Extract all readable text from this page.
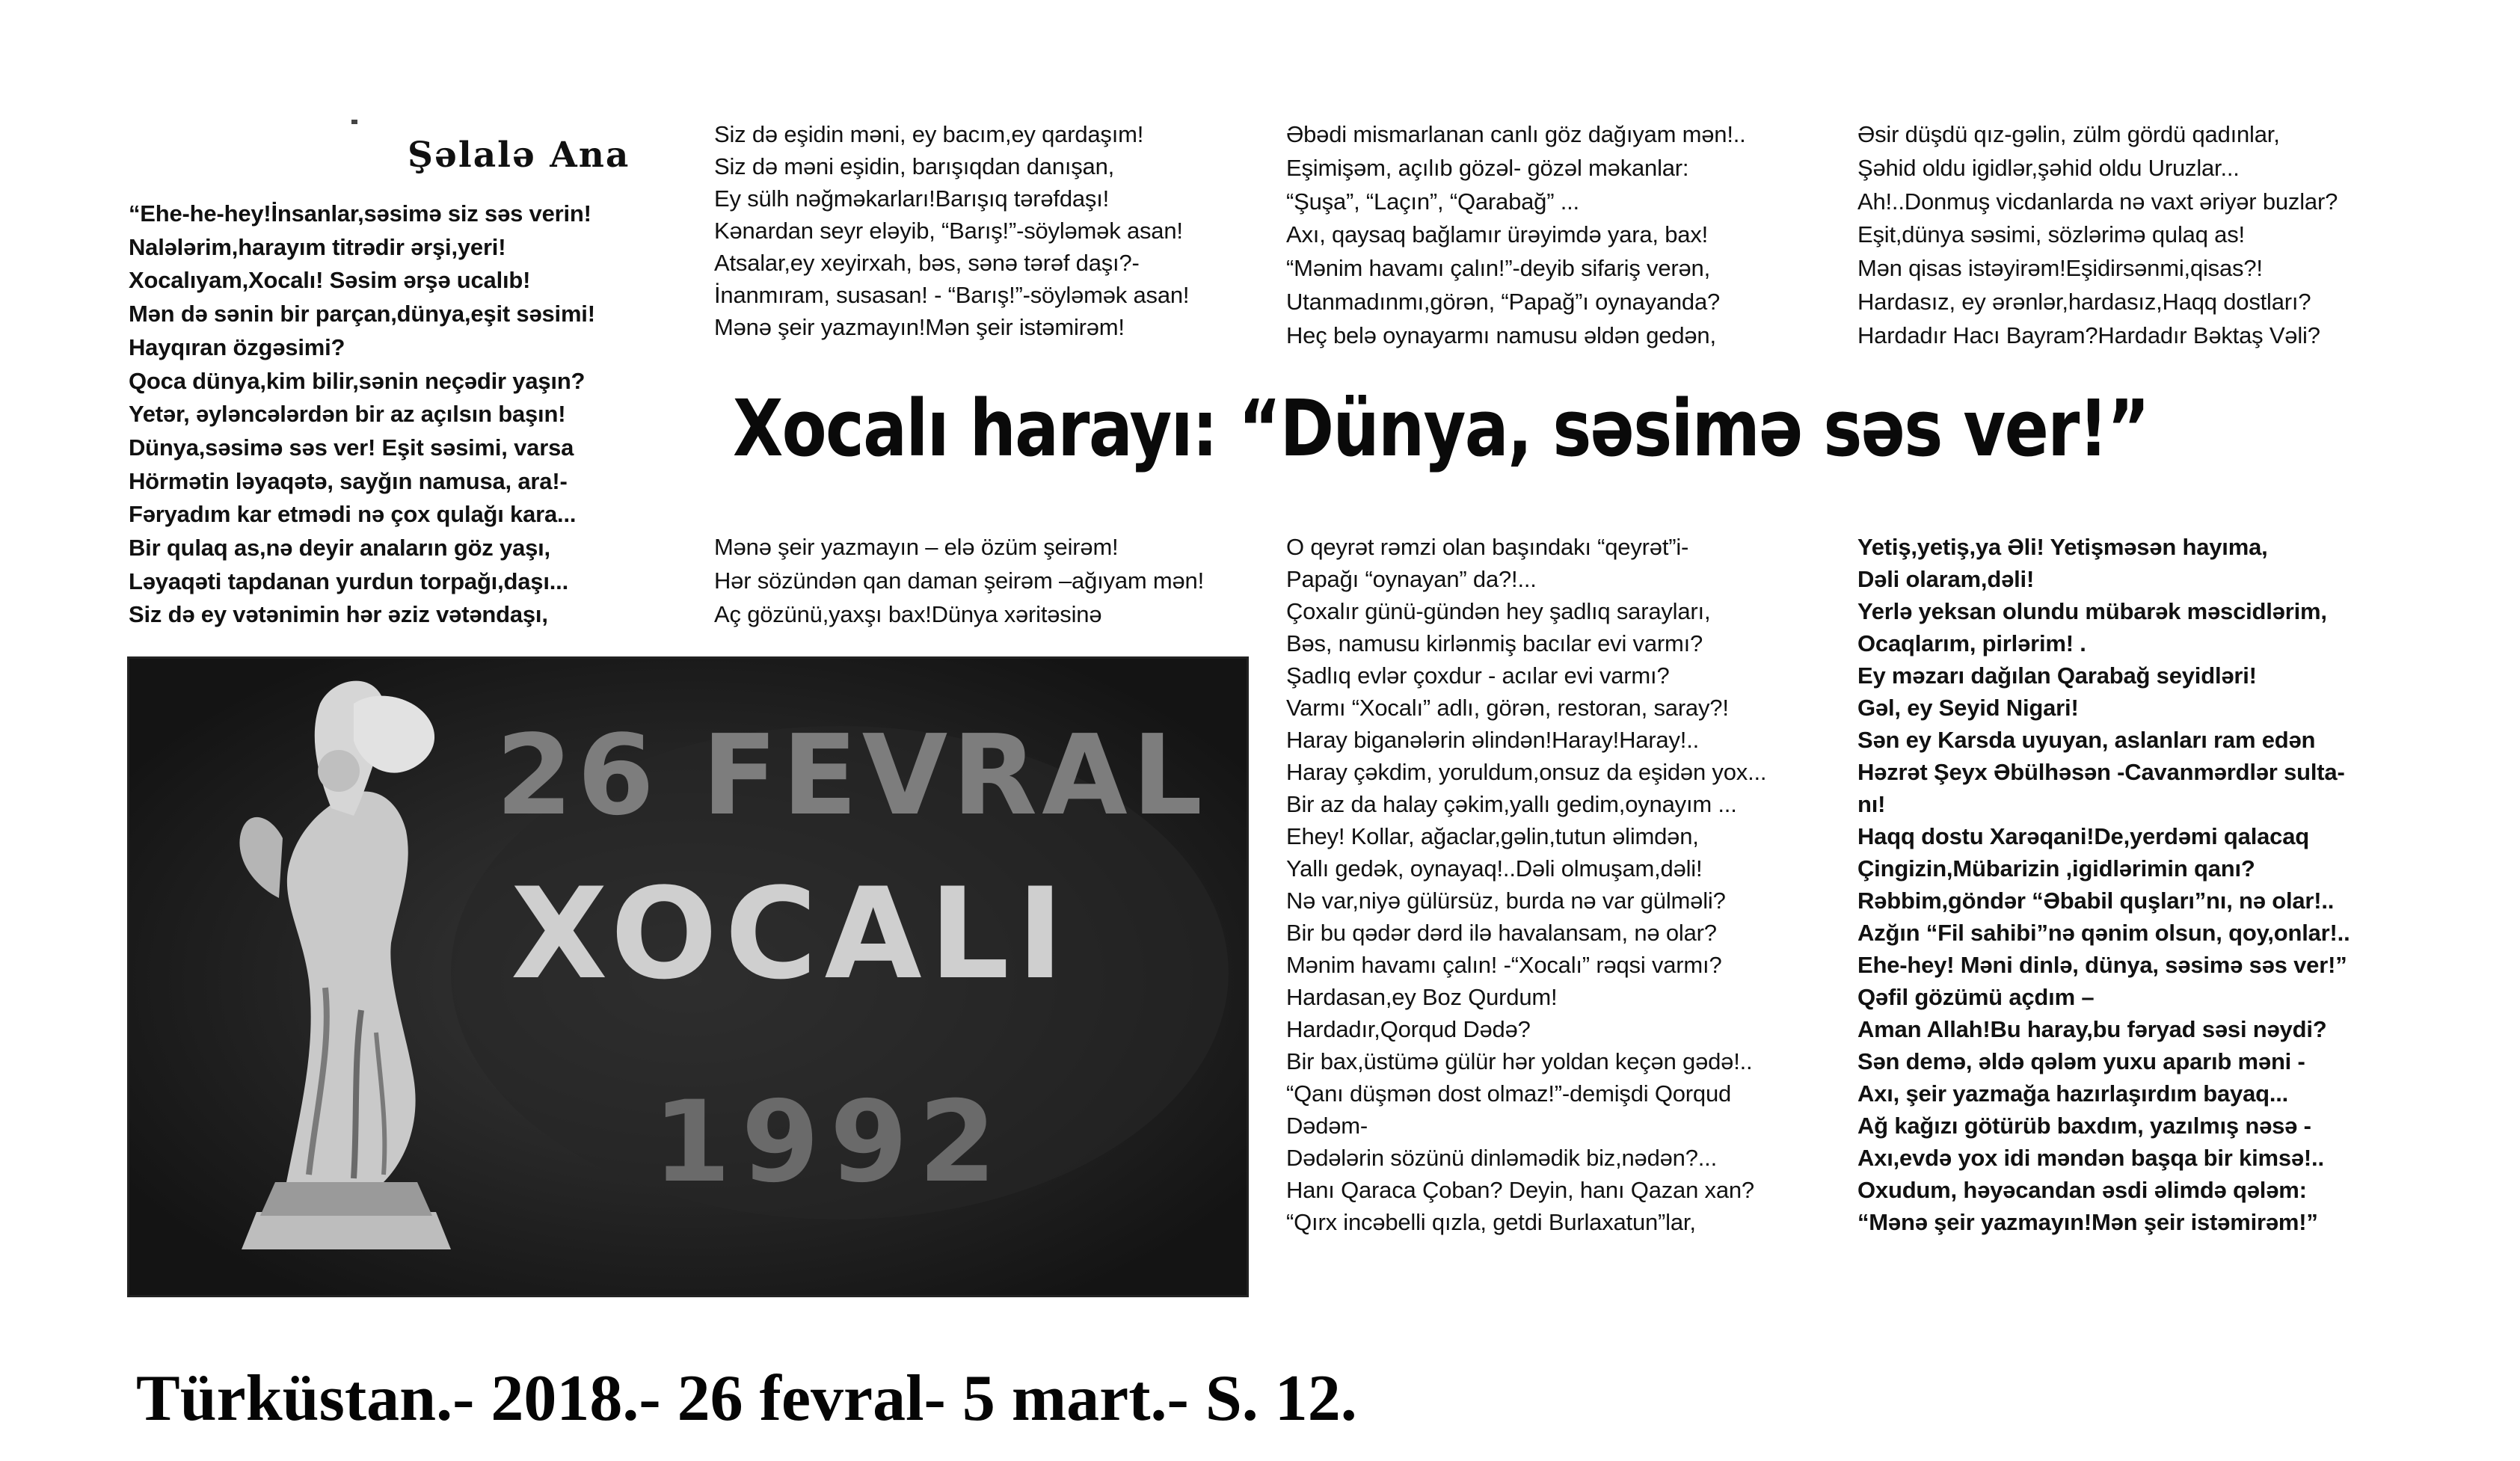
Şəlalə Ana
“Ehe-he-hey!İnsanlar,səsimə siz səs verin!
Nalələrim,harayım titrədir ərşi,yeri!
Xocalıyam,Xocalı! Səsim ərşə ucalıb!
Mən də sənin bir parçan,dünya,eşit səsimi!
Hayqıran özgəsimi?
Qoca dünya,kim bilir,sənin neçədir yaşın?
Yetər, əyləncələrdən bir az açılsın başın!
Dünya,səsimə səs ver! Eşit səsimi, varsa
Hörmətin ləyaqətə, sayğın namusa, ara!-
Fəryadım kar etmədi nə çox qulağı kara...
Bir qulaq as,nə deyir anaların göz yaşı,
Ləyaqəti tapdanan yurdun torpağı,daşı...
Siz də ey vətənimin hər əziz vətəndaşı,
Siz də eşidin məni, ey bacım,ey qardaşım!
Siz də məni eşidin, barışıqdan danışan,
Ey sülh nəğməkarları!Barışıq tərəfdaşı!
Kənardan seyr eləyib, “Barış!”-söyləmək asan!
Atsalar,ey xeyirxah, bəs, sənə tərəf daşı?-
İnanmıram, susasan! - “Barış!”-söyləmək asan!
Mənə şeir yazmayın!Mən şeir istəmirəm!
Mənə şeir yazmayın – elə özüm şeirəm!
Hər sözündən qan daman şeirəm –ağıyam mən!
Aç gözünü,yaxşı bax!Dünya xəritəsinə
Əbədi mismarlanan canlı göz dağıyam mən!..
Eşimişəm, açılıb gözəl- gözəl məkanlar:
“Şuşa”, “Laçın”, “Qarabağ” ...
Axı, qaysaq bağlamır ürəyimdə yara, bax!
“Mənim havamı çalın!”-deyib sifariş verən,
Utanmadınmı,görən, “Papağ”ı oynayanda?
Heç belə oynayarmı namusu əldən gedən,
O qeyrət rəmzi olan başındakı “qeyrət”i-
Papağı “oynayan” da?!...
Çoxalır günü-gündən hey şadlıq sarayları,
Bəs, namusu kirlənmiş bacılar evi varmı?
Şadlıq evlər çoxdur - acılar evi varmı?
Varmı “Xocalı” adlı, görən, restoran, saray?!
Haray biganələrin əlindən!Haray!Haray!..
Haray çəkdim, yoruldum,onsuz da eşidən yox...
Bir az da halay çəkim,yallı gedim,oynayım ...
Ehey! Kollar, ağaclar,gəlin,tutun əlimdən,
Yallı gedək, oynayaq!..Dəli olmuşam,dəli!
Nə var,niyə gülürsüz, burda nə var gülməli?
Bir bu qədər dərd ilə havalansam, nə olar?
Mənim havamı çalın! -“Xocalı” rəqsi varmı?
Hardasan,ey Boz Qurdum!
Hardadır,Qorqud Dədə?
Bir bax,üstümə gülür hər yoldan keçən gədə!..
“Qanı düşmən dost olmaz!”-demişdi Qorqud
Dədəm-
Dədələrin sözünü dinləmədik biz,nədən?...
Hanı Qaraca Çoban? Deyin, hanı Qazan xan?
“Qırx incəbelli qızla, getdi Burlaxatun”lar,
Əsir düşdü qız-gəlin, zülm gördü qadınlar,
Şəhid oldu igidlər,şəhid oldu Uruzlar...
Ah!..Donmuş vicdanlarda nə vaxt əriyər buzlar?
Eşit,dünya səsimi, sözlərimə qulaq as!
Mən qisas istəyirəm!Eşidirsənmi,qisas?!
Hardasız, ey ərənlər,hardasız,Haqq dostları?
Hardadır Hacı Bayram?Hardadır Bəktaş Vəli?
Yetiş,yetiş,ya Əli! Yetişməsən hayıma,
Dəli olaram,dəli!
Yerlə yeksan olundu mübarək məscidlərim,
Ocaqlarım, pirlərim! .
Ey məzarı dağılan Qarabağ seyidləri!
Gəl, ey Seyid Nigari!
Sən ey Karsda uyuyan, aslanları ram edən
Həzrət Şeyx Əbülhəsən -Cavanmərdlər sulta-
nı!
Haqq dostu Xarəqani!De,yerdəmi qalacaq
Çingizin,Mübarizin ,igidlərimin qanı?
Rəbbim,göndər “Əbabil quşları”nı, nə olar!..
Azğın “Fil sahibi”nə qənim olsun, qoy,onlar!..
Ehe-hey! Məni dinlə, dünya, səsimə səs ver!”
Qəfil gözümü açdım –
Aman Allah!Bu haray,bu fəryad səsi nəydi?
Sən demə, əldə qələm yuxu aparıb məni -
Axı, şeir yazmağa hazırlaşırdım bayaq...
Ağ kağızı götürüb baxdım, yazılmış nəsə -
Axı,evdə yox idi məndən başqa bir kimsə!..
Oxudum, həyəcandan əsdi əlimdə qələm:
“Mənə şeir yazmayın!Mən şeir istəmirəm!”
Xocalı harayı: “Dünya, səsimə səs ver!”
26 FEVRAL
XOCALI
1992
Türküstan.- 2018.- 26 fevral- 5 mart.- S. 12.
